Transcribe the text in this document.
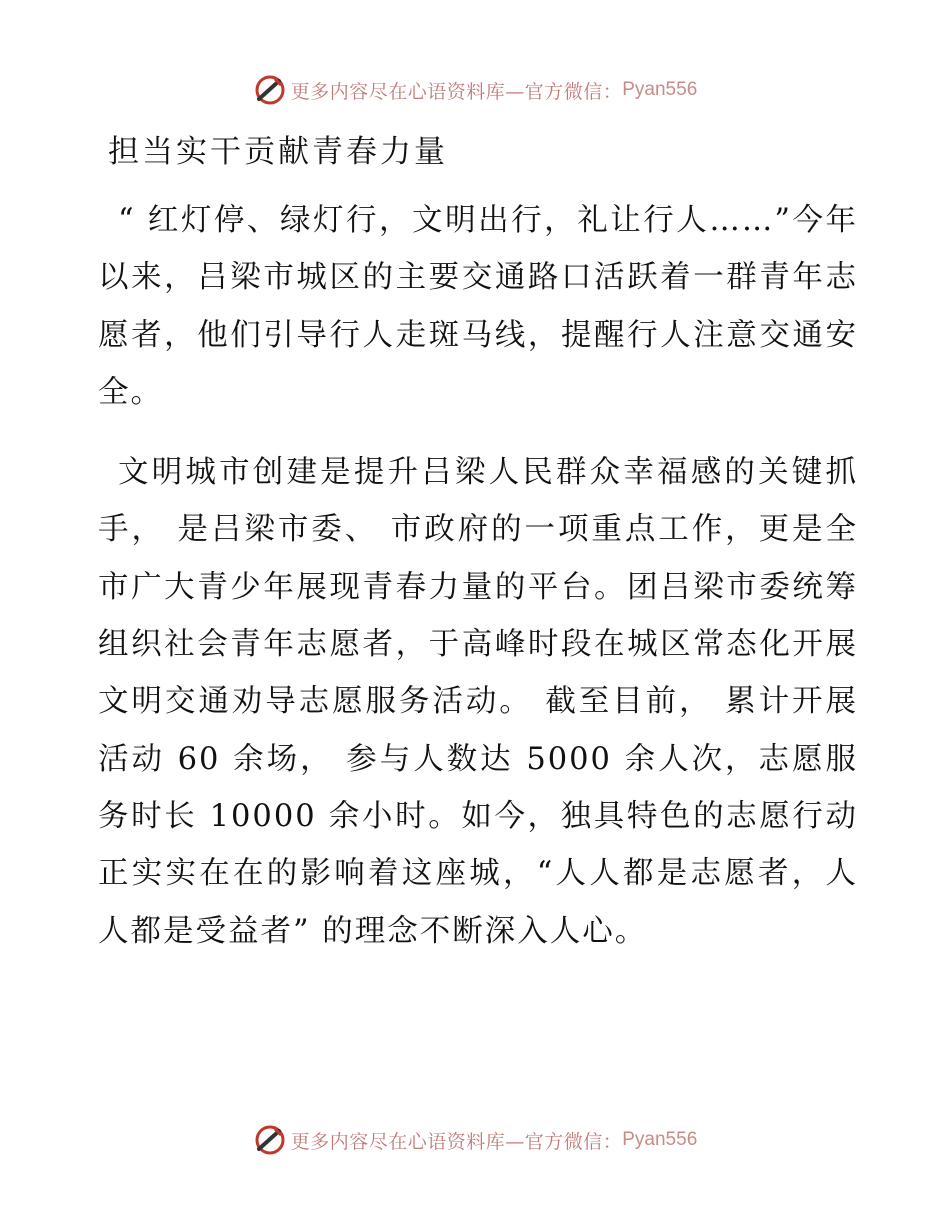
更多内容尽在心语资料库—官方微信： Pyan556
担当实干贡献青春力量

“ 红灯停、绿灯行，文明出行，礼让行人……”今年以来，吕梁市城区的主要交通路口活跃着一群青年志愿者，他们引导行人走斑马线，提醒行人注意交通安全。

文明城市创建是提升吕梁人民群众幸福感的关键抓手， 是吕梁市委、 市政府的一项重点工作，更是全市广大青少年展现青春力量的平台。团吕梁市委统筹组织社会青年志愿者，于高峰时段在城区常态化开展文明交通劝导志愿服务活动。 截至目前， 累计开展活动 60 余场， 参与人数达 5000 余人次，志愿服务时长 10000 余小时。如今，独具特色的志愿行动正实实在在的影响着这座城，“人人都是志愿者，人人都是受益者” 的理念不断深入人心。

更多内容尽在心语资料库—官方微信： Pyan556
